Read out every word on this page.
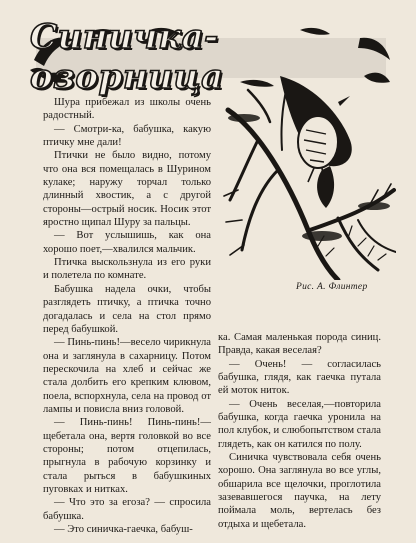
Синичка-озорница
Рис. А. Флинтер

Шура прибежал из школы очень радостный.

— Смотри-ка, бабушка, какую птичку мне дали!

Птички не было видно, потому что она вся помещалась в Шурином кулаке; наружу торчал только длинный хвостик, а с другой стороны—острый носик. Носик этот яростно щипал Шуру за пальцы.

— Вот услышишь, как она хорошо поет,—хвалился мальчик.

Птичка выскользнула из его руки и полетела по комнате.

Бабушка надела очки, чтобы разглядеть птичку, а птичка точно догадалась и села на стол прямо перед бабушкой.

— Пинь-пинь!—весело чирикнула она и заглянула в сахарницу. Потом перескочила на хлеб и сейчас же стала долбить его крепким клювом, поела, вспорхнула, села на провод от лампы и повисла вниз головой.

— Пинь-пинь! Пинь-пинь!— щебетала она, вертя головкой во все стороны; потом отцепилась, прыгнула в рабочую корзинку и стала рыться в бабушкиных пуговках и нитках.

— Что это за егоза? — спросила бабушка.

— Это синичка-гаечка, бабуш-

ка. Самая маленькая порода синиц. Правда, какая веселая?

— Очень! — согласилась бабушка, глядя, как гаечка путала ей моток ниток.

— Очень веселая,—повторила бабушка, когда гаечка уронила на пол клубок, и слюбопытством стала глядеть, как он катился по полу.

Синичка чувствовала себя очень хорошо. Она заглянула во все углы, обшарила все щелочки, проглотила зазевавшегося паучка, на лету поймала моль, вертелась без отдыха и щебетала.
